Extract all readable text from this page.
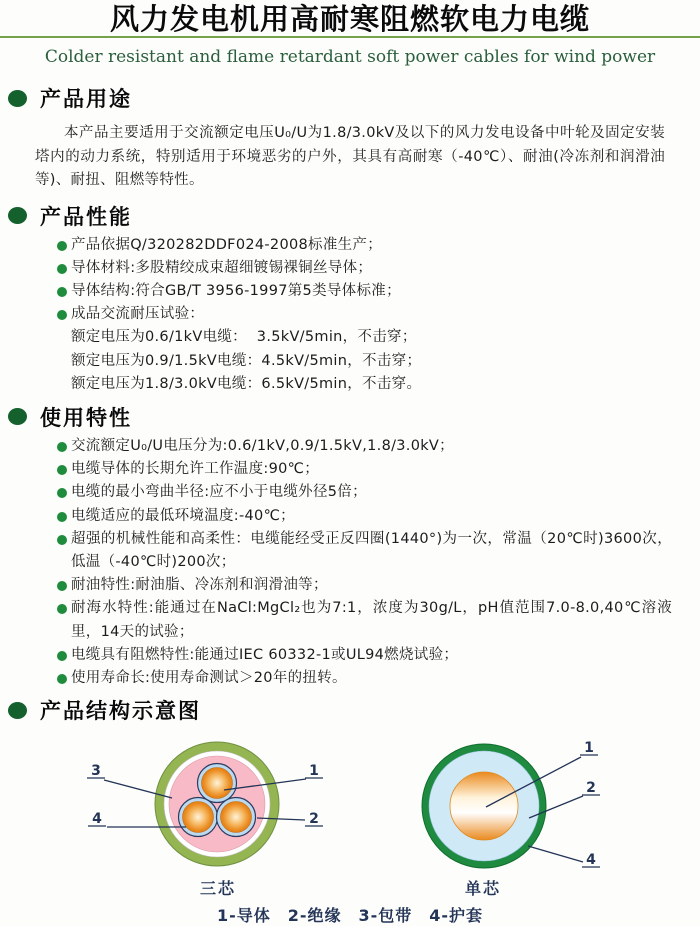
风力发电机用高耐寒阻燃软电力电缆
Colder resistant and flame retardant soft power cables for wind power
产品用途

本产品主要适用于交流额定电压U₀/U为1.8/3.0kV及以下的风力发电设备中叶轮及固定安装塔内的动力系统，特别适用于环境恶劣的户外，其具有高耐寒（-40℃）、耐油(冷冻剂和润滑油等)、耐扭、阻燃等特性。

产品性能
产品依据Q/320282DDF024-2008标准生产；
导体材料:多股精绞成束超细镀锡裸铜丝导体；
导体结构:符合GB/T 3956-1997第5类导体标准；
成品交流耐压试验：
额定电压为0.6/1kV电缆：  3.5kV/5min，不击穿；
额定电压为0.9/1.5kV电缆：4.5kV/5min，不击穿；
额定电压为1.8/3.0kV电缆：6.5kV/5min，不击穿。
使用特性
交流额定U₀/U电压分为:0.6/1kV,0.9/1.5kV,1.8/3.0kV；
电缆导体的长期允许工作温度:90℃；
电缆的最小弯曲半径:应不小于电缆外径5倍；
电缆适应的最低环境温度:-40℃；
超强的机械性能和高柔性：电缆能经受正反四圈(1440°)为一次，常温（20℃时)3600次，低温（-40℃时)200次；
耐油特性:耐油脂、冷冻剂和润滑油等；
耐海水特性:能通过在NaCl:MgCl₂也为7:1，浓度为30g/L，pH值范围7.0-8.0,40℃溶液里，14天的试验；
电缆具有阻燃特性:能通过IEC 60332-1或UL94燃烧试验；
使用寿命长:使用寿命测试＞20年的扭转。
产品结构示意图
3	1
4	2
1
2
4
三芯	单芯
1-导体 2-绝缘 3-包带 4-护套
